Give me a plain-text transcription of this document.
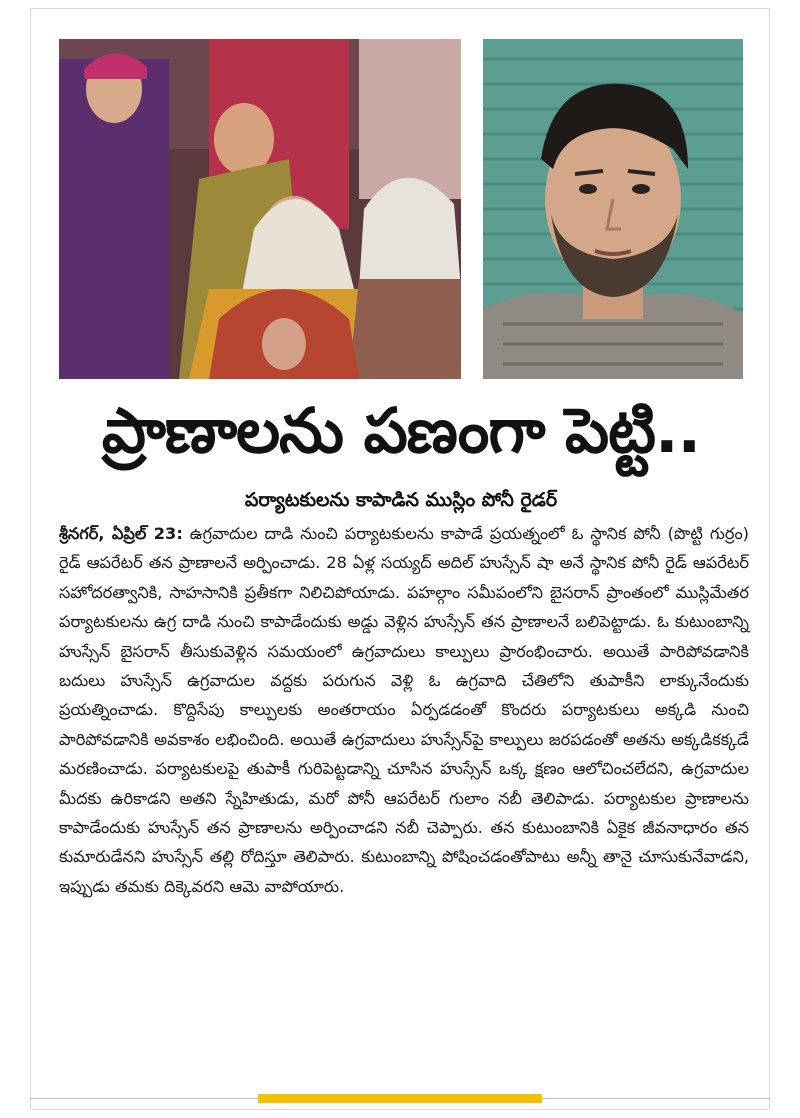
ప్రాణాలను పణంగా పెట్టి..
పర్యాటకులను కాపాడిన ముస్లిం పోనీ రైడర్

శ్రీనగర్, ఏప్రిల్ 23: ఉగ్రవాదుల దాడి నుంచి పర్యాటకులను కాపాడే ప్రయత్నంలో ఓ స్థానిక పోనీ (పొట్టి గుర్రం) రైడ్ ఆపరేటర్ తన ప్రాణాలనే అర్పించాడు. 28 ఏళ్ల సయ్యద్ అదిల్ హుస్సేన్ షా అనే స్థానిక పోనీ రైడ్ ఆపరేటర్ సహోదరత్వానికి, సాహసానికి ప్రతీకగా నిలిచిపోయాడు. పహల్గాం సమీపంలోని బైసరాన్ ప్రాంతంలో ముస్లిమేతర పర్యాటకులను ఉగ్ర దాడి నుంచి కాపాడేందుకు అడ్డు వెళ్లిన హుస్సేన్ తన ప్రాణాలనే బలిపెట్టాడు. ఓ కుటుంబాన్ని హుస్సేన్ బైసరాన్ తీసుకువెళ్లిన సమయంలో ఉగ్రవాదులు కాల్పులు ప్రారంభించారు. అయితే పారిపోవడానికి బదులు హుస్సేన్ ఉగ్రవాదుల వద్దకు పరుగున వెళ్లి ఓ ఉగ్రవాది చేతిలోని తుపాకీని లాక్కునేందుకు ప్రయత్నించాడు. కొద్దిసేపు కాల్పులకు అంతరాయం ఏర్పడడంతో కొందరు పర్యాటకులు అక్కడి నుంచి పారిపోవడానికి అవకాశం లభించింది. అయితే ఉగ్రవాదులు హుస్సేన్‌పై కాల్పులు జరపడంతో అతను అక్కడికక్కడే మరణించాడు. పర్యాటకులపై తుపాకీ గురిపెట్టడాన్ని చూసిన హుస్సేన్ ఒక్క క్షణం ఆలోచించలేదని, ఉగ్రవాదుల మీదకు ఉరికాడని అతని స్నేహితుడు, మరో పోనీ ఆపరేటర్ గులాం నబీ తెలిపాడు. పర్యాటకుల ప్రాణాలను కాపాడేందుకు హుస్సేన్ తన ప్రాణాలను అర్పించాడని నబీ చెప్పారు. తన కుటుంబానికి ఏకైక జీవనాధారం తన కుమారుడేనని హుస్సేన్ తల్లి రోదిస్తూ తెలిపారు. కుటుంబాన్ని పోషించడంతోపాటు అన్నీ తానై చూసుకునేవాడని, ఇప్పుడు తమకు దిక్కెవరని ఆమె వాపోయారు.
